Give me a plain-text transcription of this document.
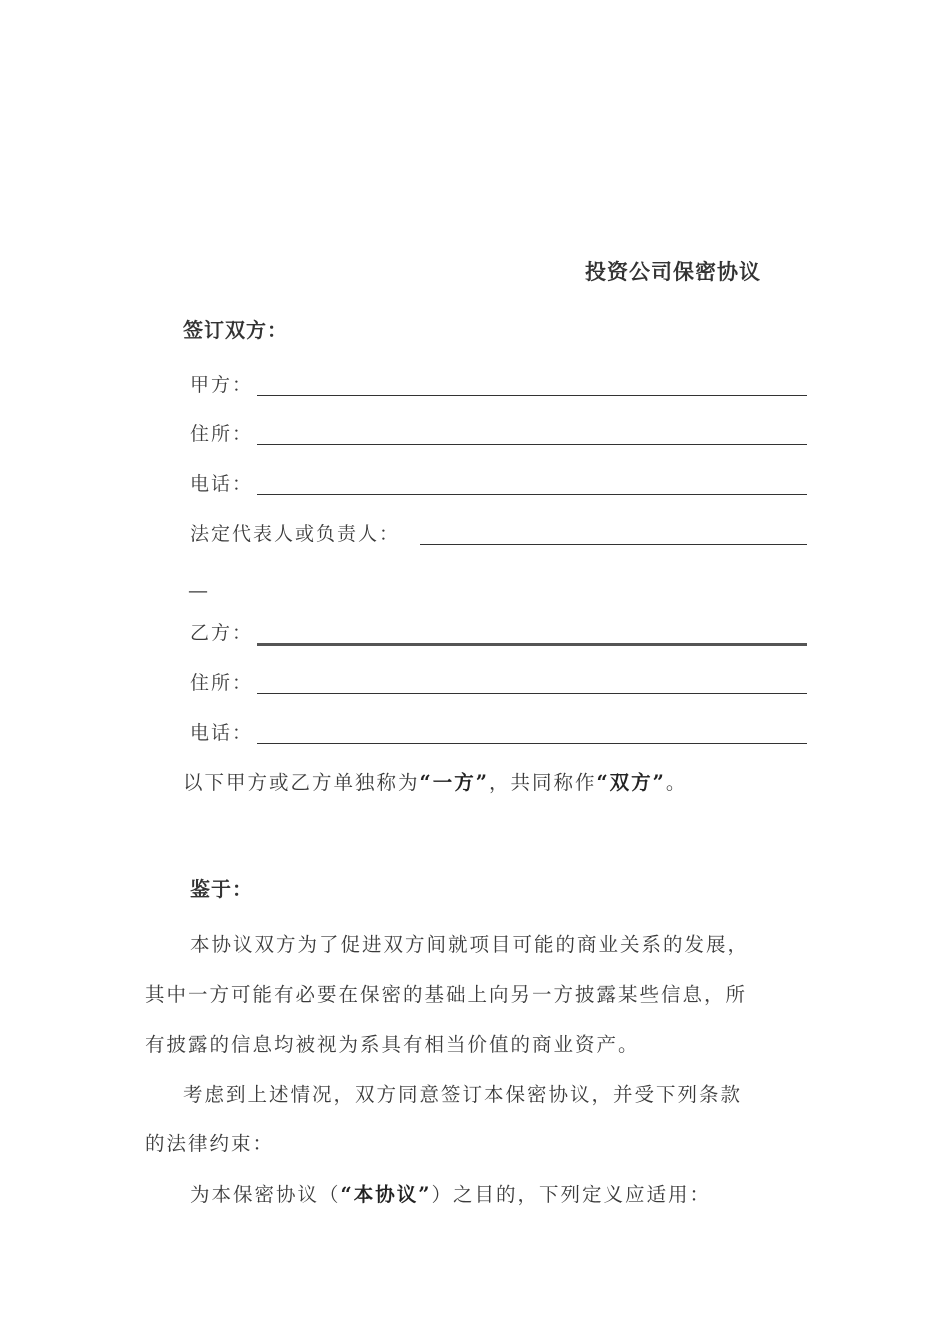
投资公司保密协议
签订双方：
甲方：
住所：
电话：
法定代表人或负责人：
—
乙方：
住所：
电话：
以下甲方或乙方单独称为“一方”，共同称作“双方”。
鉴于：
本协议双方为了促进双方间就项目可能的商业关系的发展，
其中一方可能有必要在保密的基础上向另一方披露某些信息，所
有披露的信息均被视为系具有相当价值的商业资产。
考虑到上述情况，双方同意签订本保密协议，并受下列条款
的法律约束：
为本保密协议（“本协议”）之目的，下列定义应适用：
